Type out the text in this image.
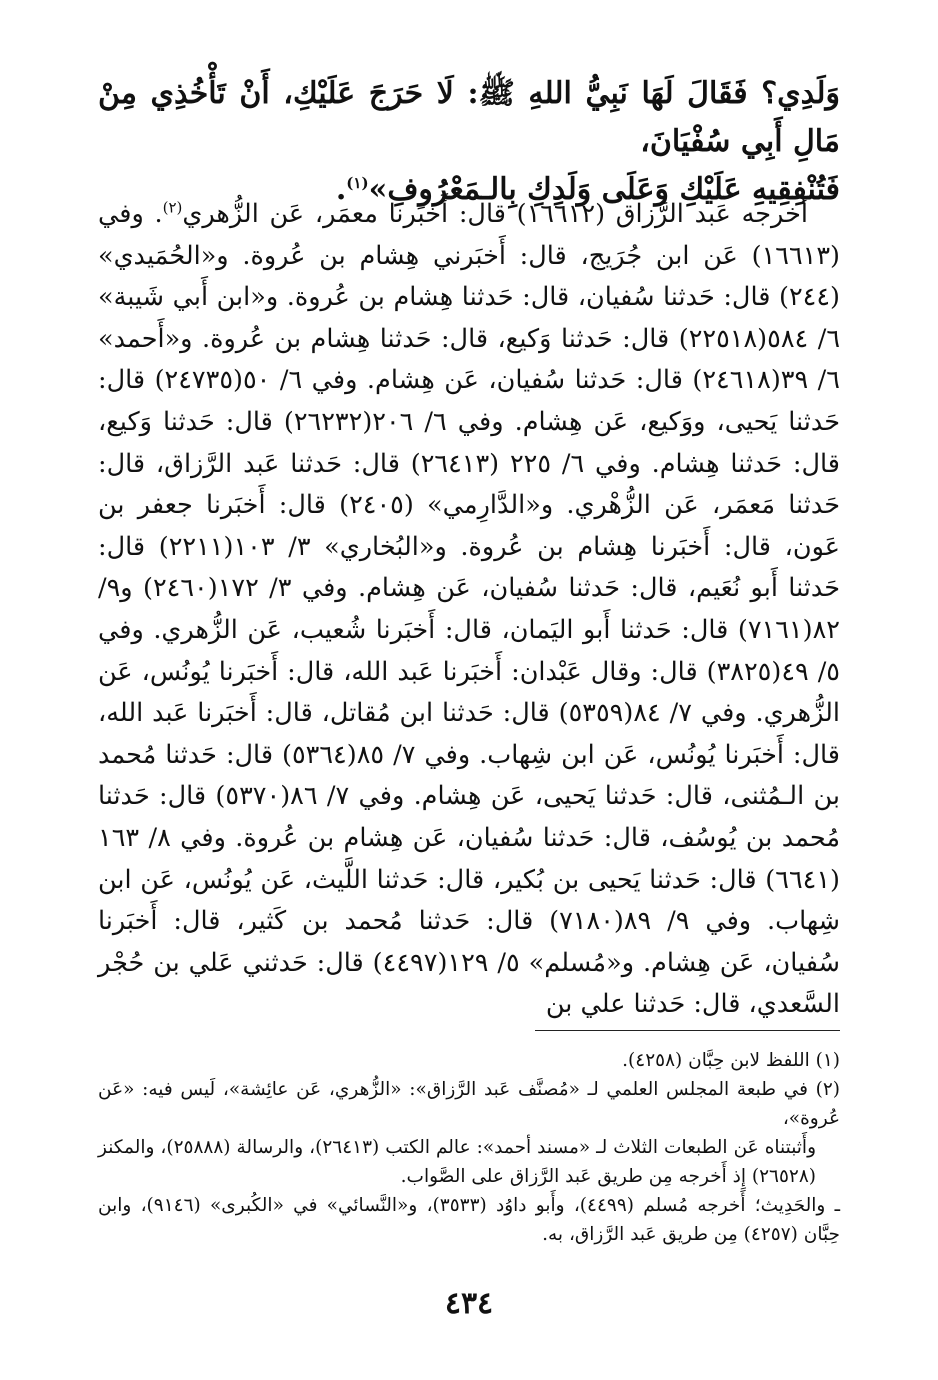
وَلَدِي؟ فَقَالَ لَهَا نَبِيُّ اللهِ ﷺ: لَا حَرَجَ عَلَيْكِ، أَنْ تَأْخُذِي مِنْ مَالِ أَبِي سُفْيَانَ،

فَتُنْفِقِيهِ عَلَيْكِ وَعَلَى وَلَدِكِ بِالـمَعْرُوفِ»$^{(١)}$.

أخرجه عَبد الرَّزاق (١٦٦١٢) قال: أَخبَرنا معمَر، عَن الزُّهري$^{(٢)}$. وفي (١٦٦١٣) عَن ابن جُرَيج، قال: أَخبَرني هِشام بن عُروة. و«الحُمَيدي» (٢٤٤) قال: حَدثنا سُفيان، قال: حَدثنا هِشام بن عُروة. و«ابن أَبي شَيبة» ٦/ ٥٨٤(٢٢٥١٨) قال: حَدثنا وَكيع، قال: حَدثنا هِشام بن عُروة. و«أَحمد» ٦/ ٣٩(٢٤٦١٨) قال: حَدثنا سُفيان، عَن هِشام. وفي ٦/ ٥٠(٢٤٧٣٥) قال: حَدثنا يَحيى، ووَكيع، عَن هِشام. وفي ٦/ ٢٠٦(٢٦٢٣٢) قال: حَدثنا وَكيع، قال: حَدثنا هِشام. وفي ٦/ ٢٢٥ (٢٦٤١٣) قال: حَدثنا عَبد الرَّزاق، قال: حَدثنا مَعمَر، عَن الزُّهْري. و«الدَّارِمي» (٢٤٠٥) قال: أَخبَرنا جعفر بن عَون، قال: أَخبَرنا هِشام بن عُروة. و«البُخاري» ٣/ ١٠٣(٢٢١١) قال: حَدثنا أَبو نُعَيم، قال: حَدثنا سُفيان، عَن هِشام. وفي ٣/ ١٧٢(٢٤٦٠) و٩/ ٨٢(٧١٦١) قال: حَدثنا أَبو اليَمان، قال: أَخبَرنا شُعيب، عَن الزُّهري. وفي ٥/ ٤٩(٣٨٢٥) قال: وقال عَبْدان: أَخبَرنا عَبد الله، قال: أَخبَرنا يُونُس، عَن الزُّهري. وفي ٧/ ٨٤(٥٣٥٩) قال: حَدثنا ابن مُقاتل، قال: أَخبَرنا عَبد الله، قال: أَخبَرنا يُونُس، عَن ابن شِهاب. وفي ٧/ ٨٥(٥٣٦٤) قال: حَدثنا مُحمد بن الـمُثنى، قال: حَدثنا يَحيى، عَن هِشام. وفي ٧/ ٨٦(٥٣٧٠) قال: حَدثنا مُحمد بن يُوسُف، قال: حَدثنا سُفيان، عَن هِشام بن عُروة. وفي ٨/ ١٦٣ (٦٦٤١) قال: حَدثنا يَحيى بن بُكير، قال: حَدثنا اللَّيث، عَن يُونُس، عَن ابن شِهاب. وفي ٩/ ٨٩(٧١٨٠) قال: حَدثنا مُحمد بن كَثير، قال: أَخبَرنا سُفيان، عَن هِشام. و«مُسلم» ٥/ ١٢٩(٤٤٩٧) قال: حَدثني عَلي بن حُجْر السَّعدي، قال: حَدثنا علي بن

(١) اللفظ لابن حِبَّان (٤٢٥٨).

(٢) في طبعة المجلس العلمي لـ «مُصنَّف عَبد الرَّزاق»: «الزُّهري، عَن عائِشة»، لَيس فيه: «عَن عُروة»،

وأَثبتناه عَن الطبعات الثلاث لـ «مسند أحمد»: عالم الكتب (٢٦٤١٣)، والرسالة (٢٥٨٨٨)، والمكنز (٢٦٥٢٨) إِذ أَخرجه مِن طريق عَبد الرَّزاق على الصَّواب.

ـ والحَدِيث؛ أَخرجه مُسلم (٤٤٩٩)، وأَبو داوُد (٣٥٣٣)، و«النَّسائي» في «الكُبرى» (٩١٤٦)، وابن حِبَّان (٤٢٥٧) مِن طريق عَبد الرَّزاق، به.

٤٣٤
